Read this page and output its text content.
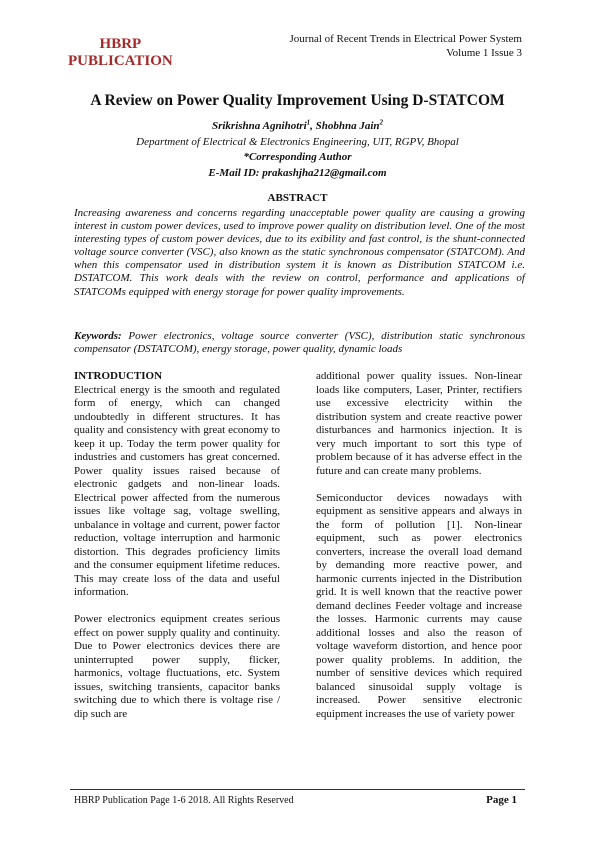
HBRP
PUBLICATION
Journal of Recent Trends in Electrical Power System
Volume 1 Issue 3
A Review on Power Quality Improvement Using D-STATCOM
Srikrishna Agnihotri$^1$, Shobhna Jain$^2$
Department of Electrical & Electronics Engineering, UIT, RGPV, Bhopal
*Corresponding Author
E-Mail ID: prakashjha212@gmail.com
ABSTRACT

Increasing awareness and concerns regarding unacceptable power quality are causing a growing interest in custom power devices, used to improve power quality on distribution level. One of the most interesting types of custom power devices, due to its exibility and fast control, is the shunt-connected voltage source converter (VSC), also known as the static synchronous compensator (STATCOM). And when this compensator used in distribution system it is known as Distribution STATCOM i.e. DSTATCOM. This work deals with the review on control, performance and applications of STATCOMs equipped with energy storage for power quality improvements.

Keywords: Power electronics, voltage source converter (VSC), distribution static synchronous compensator (DSTATCOM), energy storage, power quality, dynamic loads

INTRODUCTION

Electrical energy is the smooth and regulated form of energy, which can changed undoubtedly in different structures. It has quality and consistency with great economy to keep it up. Today the term power quality for industries and customers has great concerned. Power quality issues raised because of electronic gadgets and non-linear loads. Electrical power affected from the numerous issues like voltage sag, voltage swelling, unbalance in voltage and current, power factor reduction, voltage interruption and harmonic distortion. This degrades proficiency limits and the consumer equipment lifetime reduces. This may create loss of the data and useful information.

Power electronics equipment creates serious effect on power supply quality and continuity. Due to Power electronics devices there are uninterrupted power supply, flicker, harmonics, voltage fluctuations, etc. System issues, switching transients, capacitor banks switching due to which there is voltage rise / dip such are

additional power quality issues. Non-linear loads like computers, Laser, Printer, rectifiers use excessive electricity within the distribution system and create reactive power disturbances and harmonics injection. It is very much important to sort this type of problem because of it has adverse effect in the future and can create many problems.

Semiconductor devices nowadays with equipment as sensitive appears and always in the form of pollution [1]. Non-linear equipment, such as power electronics converters, increase the overall load demand by demanding more reactive power, and harmonic currents injected in the Distribution grid. It is well known that the reactive power demand declines Feeder voltage and increase the losses. Harmonic currents may cause additional losses and also the reason of voltage waveform distortion, and hence poor power quality problems. In addition, the number of sensitive devices which required balanced sinusoidal supply voltage is increased. Power sensitive electronic equipment increases the use of variety power

HBRP Publication Page 1-6 2018. All Rights Reserved	Page 1
